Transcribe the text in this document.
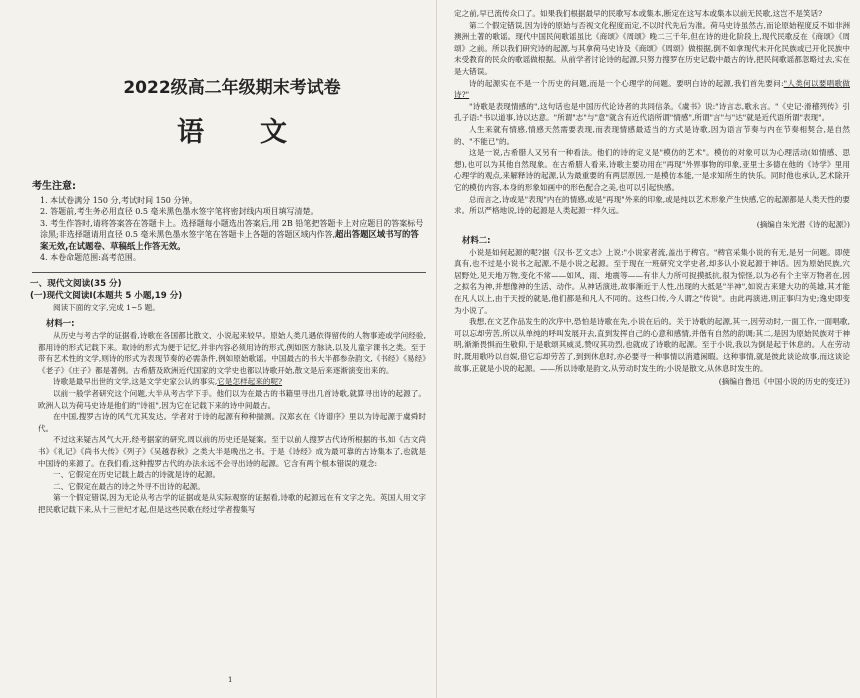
2022级高二年级期末考试卷
语文
考生注意:

1. 本试卷满分 150 分,考试时间 150 分钟。

2. 答题前,考生务必用直径 0.5 毫米黑色墨水签字笔将密封线内项目填写清楚。

3. 考生作答时,请将答案答在答题卡上。选择题每小题选出答案后,用 2B 铅笔把答题卡上对应题目的答案标号涂黑;非选择题请用直径 0.5 毫米黑色墨水签字笔在答题卡上各题的答题区域内作答,超出答题区域书写的答案无效,在试题卷、草稿纸上作答无效。

4. 本卷命题范围:高考范围。

一、现代文阅读(35 分)
(一)现代文阅读Ⅰ(本题共 5 小题,19 分)

阅读下面的文字,完成 1~5 题。

材料一:

从历史与考古学的证据看,诗歌在各国都比散文、小说起来较早。原始人类几遇依得留传的人物事迹或学问经验,都用诗的形式记载下来。取诗的形式为便于记忆,并非内容必须用诗的形式,例如医方脉诀,以及儿童字课书之类。至于带有艺术性的文学,则诗的形式为表现节奏的必需条件,例如原始歌谣。中国最古的书大半都参杂韵文,《书经》《易经》《老子》《庄子》都是著例。古希腊及欧洲近代国家的文学史也都以诗歌开始,散文是后来逐渐演变出来的。

诗歌是最早出世的文学,这是文学史家公认的事实,它是怎样起来的呢?

以前一般学者研究这个问题,大半从考古学下手。他们以为在最古的书籍里寻出几首诗歌,就算寻出诗的起源了。欧洲人以为荷马史诗是他们的"诗祖",因为它在记载下来的诗中间最古。

在中国,搜罗古诗的风气尤其发达。学者对于诗的起源有种种揣测。汉郑玄在《诗谱序》里以为诗起源于虞舜时代。

不过这来疑古风气大开,经考据家的研究,周以前的历史还是疑案。至于以前人搜罗古代诗所根据的书,如《古文尚书》《礼记》《尚书大传》《列子》《吴越春秋》之类大半是晚出之书。于是《诗经》成为最可靠的古诗集本了,也就是中国诗的来源了。在我们看,这种搜罗古代的办法永远不会寻出诗的起源。它含有两个根本错误的观念:

一、它假定在历史记载上最古的诗就是诗的起源。

二、它假定在最古的诗之外寻不出诗的起源。

第一个假定错误,因为无论从考古学的证据或是从实际观察的证据看,诗歌的起源远在有文字之先。英国人用文字把民歌记载下来,从十三世纪才起,但是这些民歌在经过学者搜集写

1

定之前,早已流传众口了。如果我们根据最早的民歌写本或集本,断定在这写本或集本以前无民歌,这岂不是笑话?

第二个假定错误,因为诗的原始与否视文化程度而定,不以时代先后为准。荷马史诗虽然古,而论原始程度反不如非洲澳洲土著的歌谣。现代中国民间歌谣虽比《商颂》《周颂》晚二三千年,但在诗的进化阶段上,现代民歌反在《商颂》《周颂》之前。所以我们研究诗的起源,与其拿荷马史诗及《商颂》《周颂》做根据,倒不如拿现代未开化民族或已开化民族中未受教育的民众的歌谣做根据。从前学者讨论诗的起源,只努力搜罗在历史记载中最古的诗,把民间歌谣都忽略过去,实在是大错误。

诗的起源实在不是一个历史的问题,而是一个心理学的问题。要明白诗的起源,我们首先要问:"人类何以要唱歌做诗?"

"诗歌是表现情感的",这句话也是中国历代论诗者的共同信条。《虞书》说:"诗言志,歌永言。"《史记·滑稽列传》引孔子语:"书以道事,诗以达意。"所谓"志"与"意"就含有近代语所谓"情感",所谓"言"与"达"就是近代语所谓"表现"。

人生来就有情感,情感天然需要表现,而表现情感最适当的方式是诗歌,因为语言节奏与内在节奏相契合,是自然的、"不能已"的。

这是一说,古希腊人又另有一种看法。他们的诗的定义是"模仿的艺术"。模仿的对象可以为心理活动(如情感、思想),也可以为其他自然现象。在古希腊人看来,诗歌主要功用在"再现"外界事物的印象,亚里士多德在他的《诗学》里用心理学的观点,来解释诗的起源,认为最重要的有两层原因,一是模仿本能,一是求知所生的快乐。同时他也承认,艺术除开它的模仿内容,本身的形象如画中的形色配合之美,也可以引起快感。

总而言之,诗或是"表现"内在的情感,或是"再现"外来的印象,或是纯以艺术形象产生快感,它的起源都是人类天性的要求。所以严格地说,诗的起源是人类起源一样久远。

(摘编自朱光潜《诗的起源》)
材料二:

小说是如何起源的呢?据《汉书·艺文志》上说:"小说家者流,盖出于稗官。"稗官采集小说的有无,是另一问题。即使真有,也不过是小说书之起源,不是小说之起源。至于现在一班研究文学史者,却多认小说起源于神话。因为原始民族,穴居野处,见天地万物,变化不常——如风、雨、地震等——有非人力所可捉摸抵抗,很为惊怪,以为必有个主宰万物者在,因之拟名为神,并想像神的生活、动作。从神话演进,故事渐近于人性,出现的大抵是"半神",如说古来建大功的英雄,其才能在凡人以上,由于天授的就是,他们都是和凡人不同的。这些口传,今人谓之"传说"。由此再演进,则正事归为史;逸史即变为小说了。

我想,在文艺作品发生的次序中,恐怕是诗歌在先,小说在后的。关于诗歌的起源,其一,因劳动时,一面工作,一面唱歌,可以忘却劳苦,所以从单纯的呼叫发展开去,直到发挥自己的心意和感情,并偕有自然的韵调;其二,是因为原始民族对于神明,渐渐畏惧而生敬仰,于是歌颂其威灵,赞叹其功烈,也就成了诗歌的起源。至于小说,我以为倒是起于休息的。人在劳动时,既用歌吟以自娱,借它忘却劳苦了,到到休息时,亦必要寻一种事情以消遣闲暇。这种事情,就是彼此谈论故事,而这谈论故事,正就是小说的起源。——所以诗歌是韵文,从劳动时发生的;小说是散文,从休息时发生的。

(摘编自鲁迅《中国小说的历史的变迁》)
